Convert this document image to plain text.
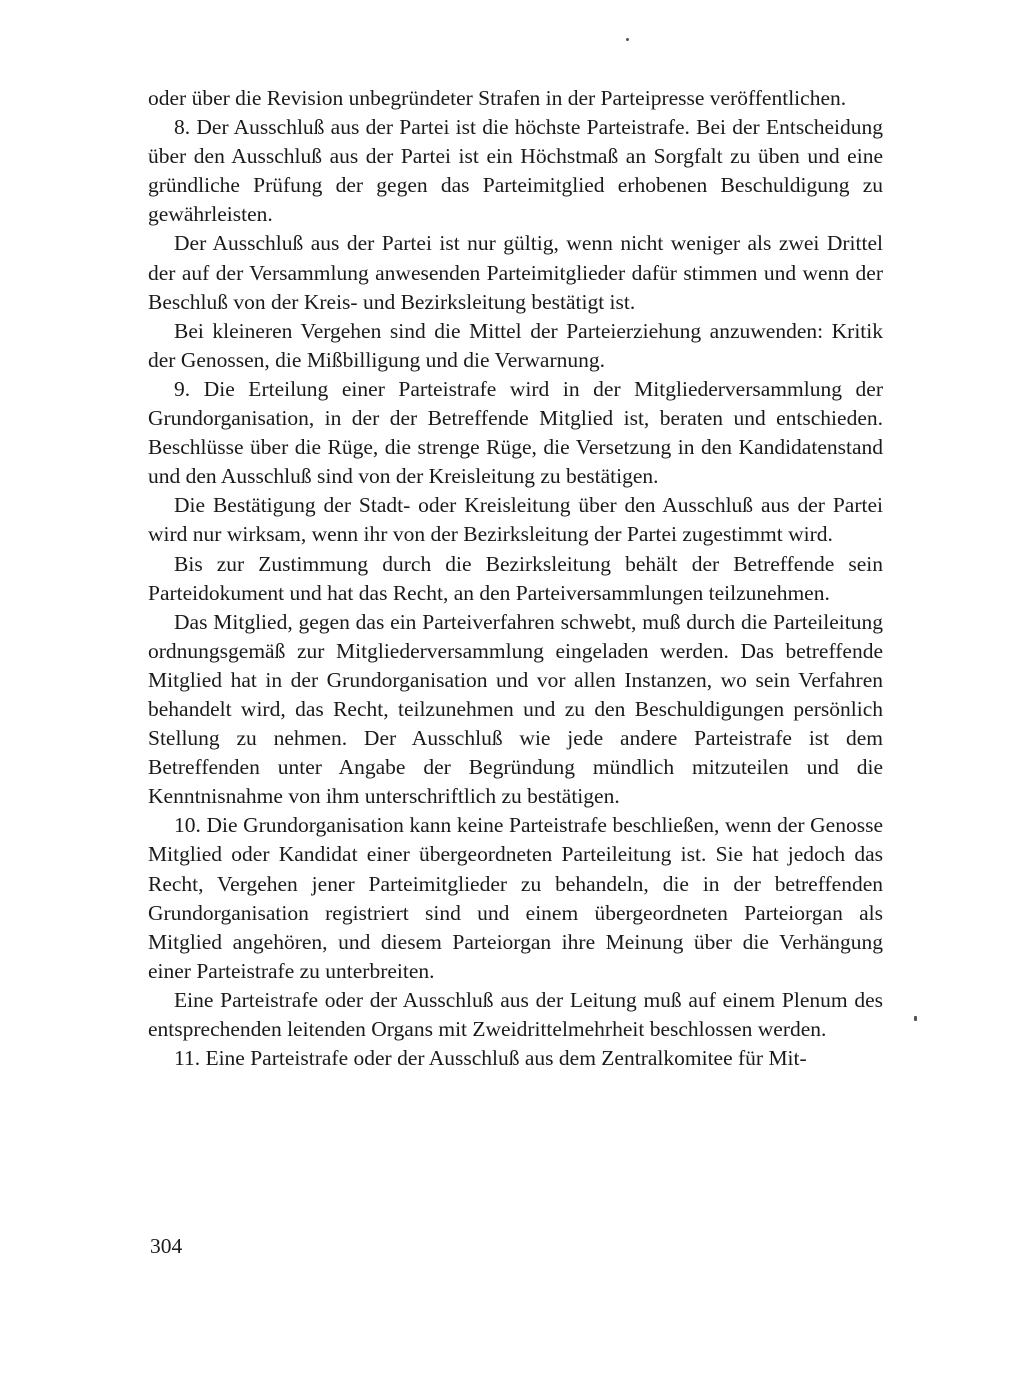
oder über die Revision unbegründeter Strafen in der Parteipresse veröffentlichen.

8. Der Ausschluß aus der Partei ist die höchste Parteistrafe. Bei der Entscheidung über den Ausschluß aus der Partei ist ein Höchstmaß an Sorgfalt zu üben und eine gründliche Prüfung der gegen das Parteimitglied erhobenen Beschuldigung zu gewährleisten.

Der Ausschluß aus der Partei ist nur gültig, wenn nicht weniger als zwei Drittel der auf der Versammlung anwesenden Parteimitglieder dafür stimmen und wenn der Beschluß von der Kreis- und Bezirksleitung bestätigt ist.

Bei kleineren Vergehen sind die Mittel der Parteierziehung anzuwenden: Kritik der Genossen, die Mißbilligung und die Verwarnung.

9. Die Erteilung einer Parteistrafe wird in der Mitgliederversammlung der Grundorganisation, in der der Betreffende Mitglied ist, beraten und entschieden. Beschlüsse über die Rüge, die strenge Rüge, die Versetzung in den Kandidatenstand und den Ausschluß sind von der Kreisleitung zu bestätigen.

Die Bestätigung der Stadt- oder Kreisleitung über den Ausschluß aus der Partei wird nur wirksam, wenn ihr von der Bezirksleitung der Partei zugestimmt wird.

Bis zur Zustimmung durch die Bezirksleitung behält der Betreffende sein Parteidokument und hat das Recht, an den Parteiversammlungen teilzunehmen.

Das Mitglied, gegen das ein Parteiverfahren schwebt, muß durch die Parteileitung ordnungsgemäß zur Mitgliederversammlung eingeladen werden. Das betreffende Mitglied hat in der Grundorganisation und vor allen Instanzen, wo sein Verfahren behandelt wird, das Recht, teilzunehmen und zu den Beschuldigungen persönlich Stellung zu nehmen. Der Ausschluß wie jede andere Parteistrafe ist dem Betreffenden unter Angabe der Begründung mündlich mitzuteilen und die Kenntnisnahme von ihm unterschriftlich zu bestätigen.

10. Die Grundorganisation kann keine Parteistrafe beschließen, wenn der Genosse Mitglied oder Kandidat einer übergeordneten Parteileitung ist. Sie hat jedoch das Recht, Vergehen jener Parteimitglieder zu behandeln, die in der betreffenden Grundorganisation registriert sind und einem übergeordneten Parteiorgan als Mitglied angehören, und diesem Parteiorgan ihre Meinung über die Verhängung einer Parteistrafe zu unterbreiten.

Eine Parteistrafe oder der Ausschluß aus der Leitung muß auf einem Plenum des entsprechenden leitenden Organs mit Zweidrittelmehrheit beschlossen werden.

11. Eine Parteistrafe oder der Ausschluß aus dem Zentralkomitee für Mit-

304
